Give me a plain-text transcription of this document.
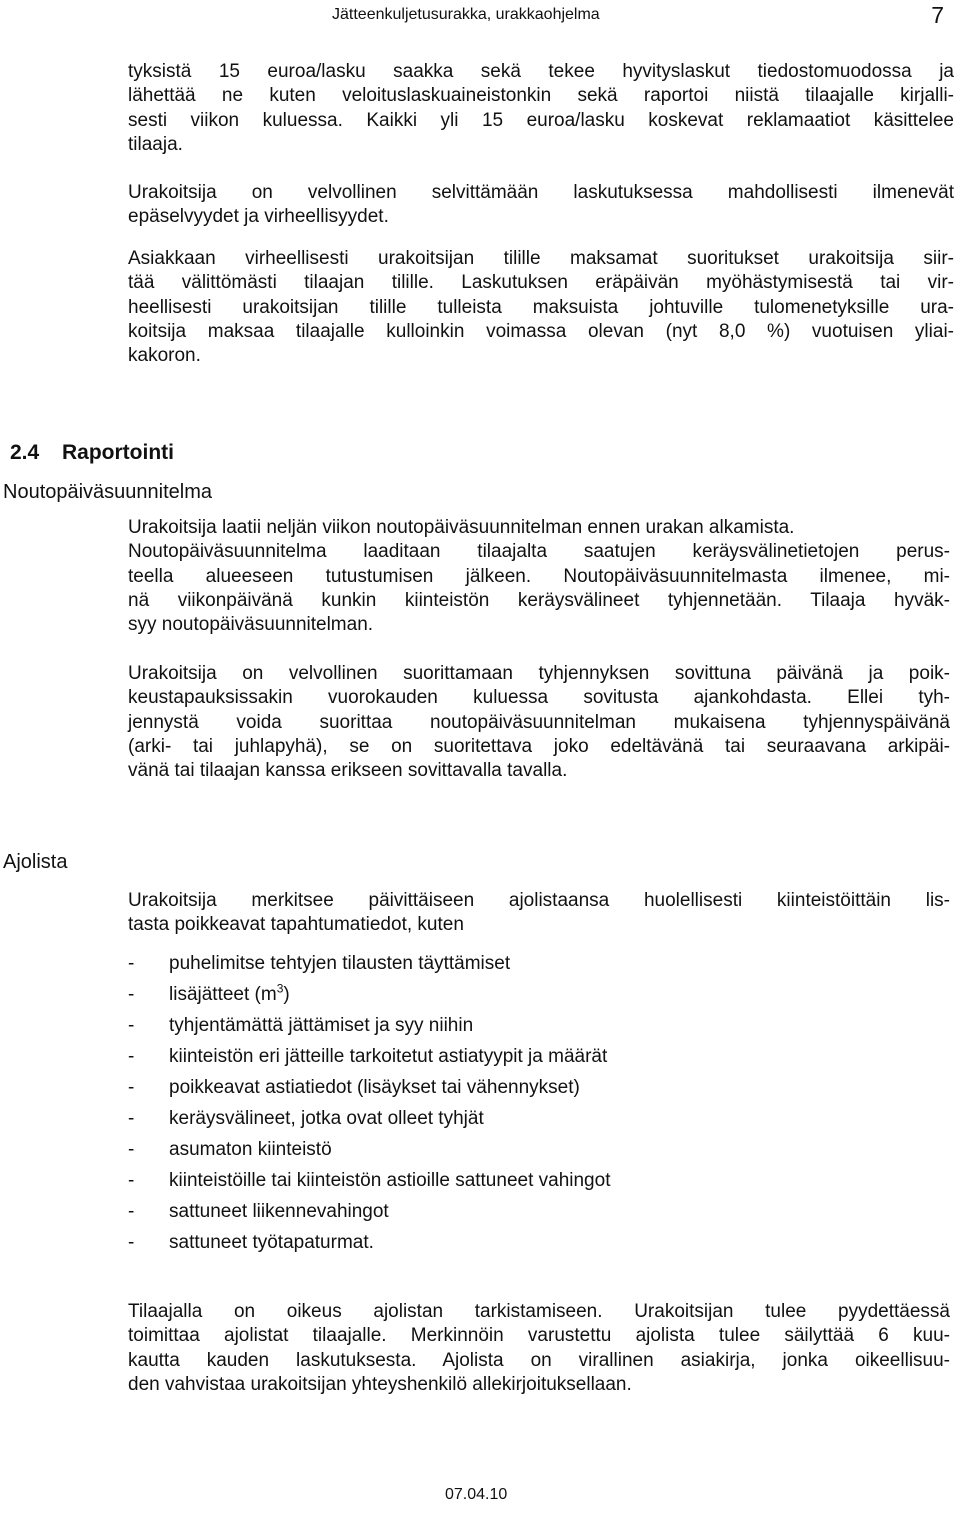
Jätteenkuljetusurakka, urakkaohjelma	7
tyksistä 15 euroa/lasku saakka sekä tekee hyvityslaskut tiedostomuodossa ja
lähettää ne kuten veloituslaskuaineistonkin sekä raportoi niistä tilaajalle kirjalli-
sesti viikon kuluessa. Kaikki yli 15 euroa/lasku koskevat reklamaatiot käsittelee
tilaaja.
Urakoitsija on velvollinen selvittämään laskutuksessa mahdollisesti ilmenevät
epäselvyydet ja virheellisyydet.
Asiakkaan virheellisesti urakoitsijan tilille maksamat suoritukset urakoitsija siir-
tää välittömästi tilaajan tilille. Laskutuksen eräpäivän myöhästymisestä tai vir-
heellisesti urakoitsijan tilille tulleista maksuista johtuville tulomenetyksille ura-
koitsija maksaa tilaajalle kulloinkin voimassa olevan (nyt 8,0 %) vuotuisen yliai-
kakoron.
2.4 Raportointi
Noutopäiväsuunnitelma
Urakoitsija laatii neljän viikon noutopäiväsuunnitelman ennen urakan alkamista.
Noutopäiväsuunnitelma laaditaan tilaajalta saatujen keräysvälinetietojen perus-
teella alueeseen tutustumisen jälkeen. Noutopäiväsuunnitelmasta ilmenee, mi-
nä viikonpäivänä kunkin kiinteistön keräysvälineet tyhjennetään. Tilaaja hyväk-
syy noutopäiväsuunnitelman.
Urakoitsija on velvollinen suorittamaan tyhjennyksen sovittuna päivänä ja poik-
keustapauksissakin vuorokauden kuluessa sovitusta ajankohdasta. Ellei tyh-
jennystä voida suorittaa noutopäiväsuunnitelman mukaisena tyhjennyspäivänä
(arki- tai juhlapyhä), se on suoritettava joko edeltävänä tai seuraavana arkipäi-
vänä tai tilaajan kanssa erikseen sovittavalla tavalla.
Ajolista
Urakoitsija merkitsee päivittäiseen ajolistaansa huolellisesti kiinteistöittäin lis-
tasta poikkeavat tapahtumatiedot, kuten
- puhelimitse tehtyjen tilausten täyttämiset
- lisäjätteet $(m^3)$
- tyhjentämättä jättämiset ja syy niihin
- kiinteistön eri jätteille tarkoitetut astiatyypit ja määrät
- poikkeavat astiatiedot (lisäykset tai vähennykset)
- keräysvälineet, jotka ovat olleet tyhjät
- asumaton kiinteistö
- kiinteistöille tai kiinteistön astioille sattuneet vahingot
- sattuneet liikennevahingot
- sattuneet työtapaturmat.
Tilaajalla on oikeus ajolistan tarkistamiseen. Urakoitsijan tulee pyydettäessä
toimittaa ajolistat tilaajalle. Merkinnöin varustettu ajolista tulee säilyttää 6 kuu-
kautta kauden laskutuksesta. Ajolista on virallinen asiakirja, jonka oikeellisuu-
den vahvistaa urakoitsijan yhteyshenkilö allekirjoituksellaan.
07.04.10
